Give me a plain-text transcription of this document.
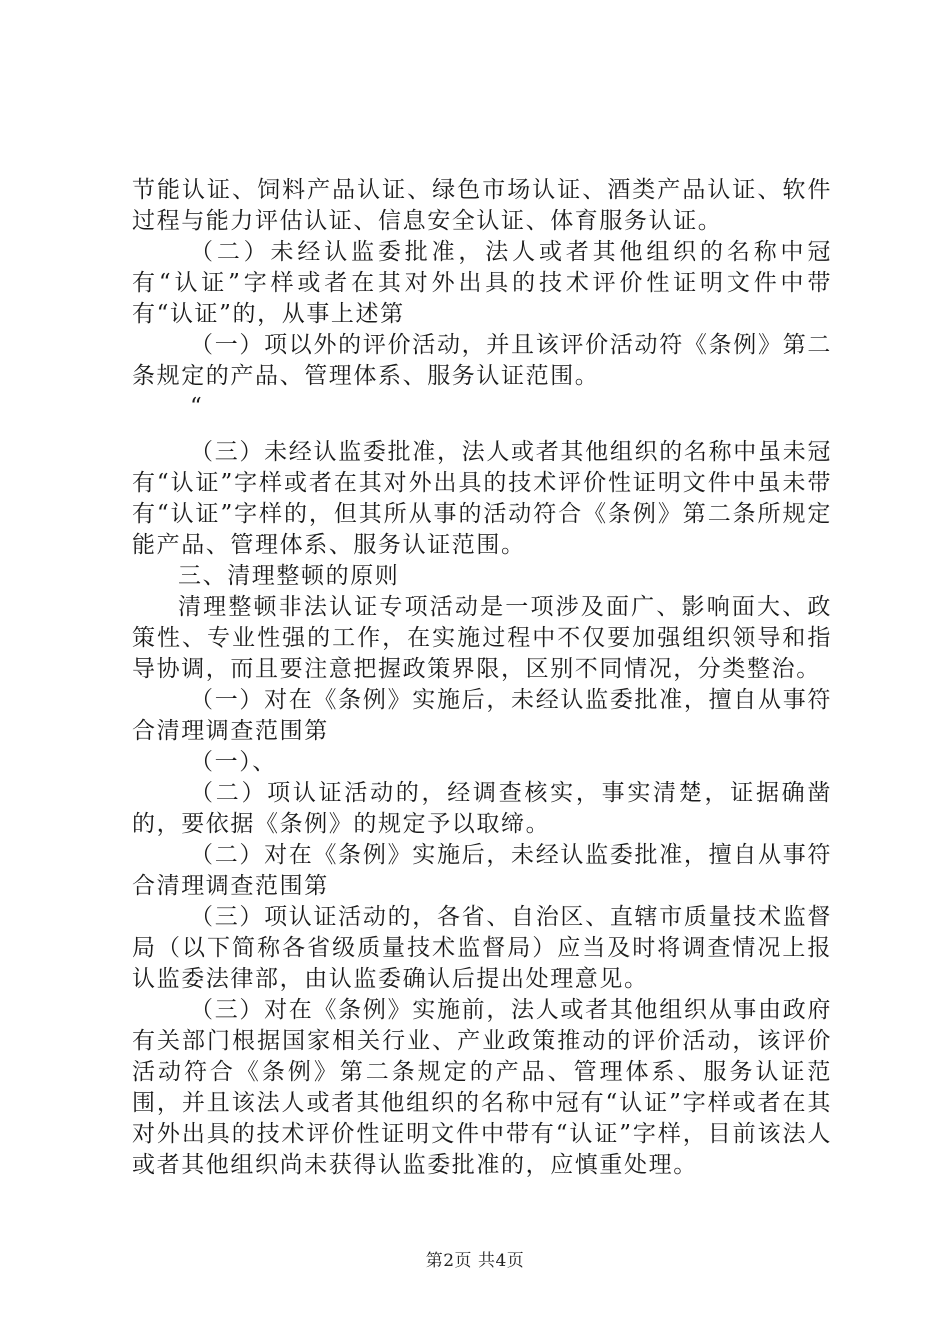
节能认证、饲料产品认证、绿色市场认证、酒类产品认证、软件过程与能力评估认证、信息安全认证、体育服务认证。

（二）未经认监委批准，法人或者其他组织的名称中冠有“认证”字样或者在其对外出具的技术评价性证明文件中带有“认证”的，从事上述第

（一）项以外的评价活动，并且该评价活动符《条例》第二条规定的产品、管理体系、服务认证范围。

“

（三）未经认监委批准，法人或者其他组织的名称中虽未冠有“认证”字样或者在其对外出具的技术评价性证明文件中虽未带有“认证”字样的，但其所从事的活动符合《条例》第二条所规定能产品、管理体系、服务认证范围。

三、清理整顿的原则

清理整顿非法认证专项活动是一项涉及面广、影响面大、政策性、专业性强的工作，在实施过程中不仅要加强组织领导和指导协调，而且要注意把握政策界限，区别不同情况，分类整治。

（一）对在《条例》实施后，未经认监委批准，擅自从事符合清理调查范围第

（一）、

（二）项认证活动的，经调查核实，事实清楚，证据确凿的，要依据《条例》的规定予以取缔。

（二）对在《条例》实施后，未经认监委批准，擅自从事符合清理调查范围第

（三）项认证活动的，各省、自治区、直辖市质量技术监督局（以下简称各省级质量技术监督局）应当及时将调查情况上报认监委法律部，由认监委确认后提出处理意见。

（三）对在《条例》实施前，法人或者其他组织从事由政府有关部门根据国家相关行业、产业政策推动的评价活动，该评价活动符合《条例》第二条规定的产品、管理体系、服务认证范围，并且该法人或者其他组织的名称中冠有“认证”字样或者在其对外出具的技术评价性证明文件中带有“认证”字样，目前该法人或者其他组织尚未获得认监委批准的，应慎重处理。

第2页 共4页
